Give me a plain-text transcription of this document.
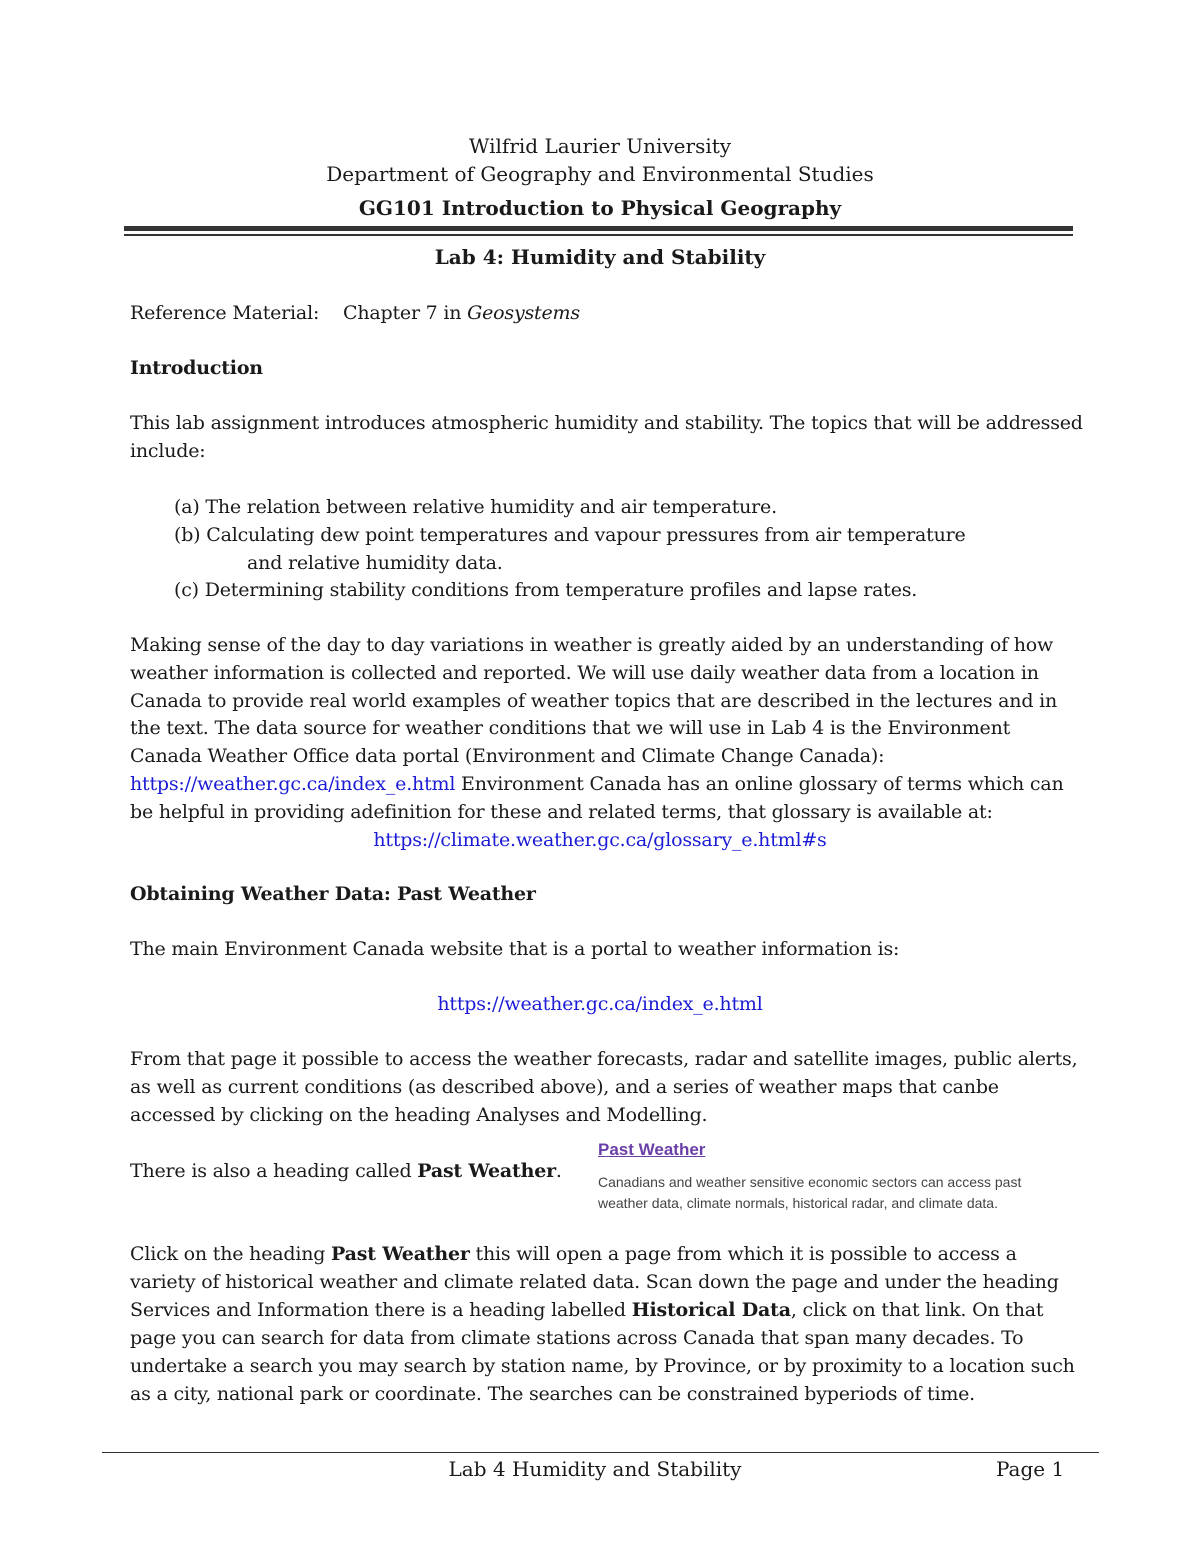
Wilfrid Laurier University
Department of Geography and Environmental Studies
GG101 Introduction to Physical Geography
Lab 4: Humidity and Stability
Reference Material: Chapter 7 in Geosystems
Introduction
This lab assignment introduces atmospheric humidity and stability. The topics that will be addressed
include:
(a) The relation between relative humidity and air temperature.
(b) Calculating dew point temperatures and vapour pressures from air temperature
and relative humidity data.
(c) Determining stability conditions from temperature profiles and lapse rates.
Making sense of the day to day variations in weather is greatly aided by an understanding of how
weather information is collected and reported. We will use daily weather data from a location in
Canada to provide real world examples of weather topics that are described in the lectures and in
the text. The data source for weather conditions that we will use in Lab 4 is the Environment
Canada Weather Office data portal (Environment and Climate Change Canada):
https://weather.gc.ca/index_e.html Environment Canada has an online glossary of terms which can
be helpful in providing adefinition for these and related terms, that glossary is available at:
https://climate.weather.gc.ca/glossary_e.html#s
Obtaining Weather Data: Past Weather
The main Environment Canada website that is a portal to weather information is:
https://weather.gc.ca/index_e.html
From that page it possible to access the weather forecasts, radar and satellite images, public alerts,
as well as current conditions (as described above), and a series of weather maps that canbe
accessed by clicking on the heading Analyses and Modelling.
There is also a heading called Past Weather.
Past Weather
Canadians and weather sensitive economic sectors can access past weather data, climate normals, historical radar, and climate data.
Click on the heading Past Weather this will open a page from which it is possible to access a
variety of historical weather and climate related data. Scan down the page and under the heading
Services and Information there is a heading labelled Historical Data, click on that link. On that
page you can search for data from climate stations across Canada that span many decades. To
undertake a search you may search by station name, by Province, or by proximity to a location such
as a city, national park or coordinate. The searches can be constrained byperiods of time.
Lab 4 Humidity and Stability	Page 1
